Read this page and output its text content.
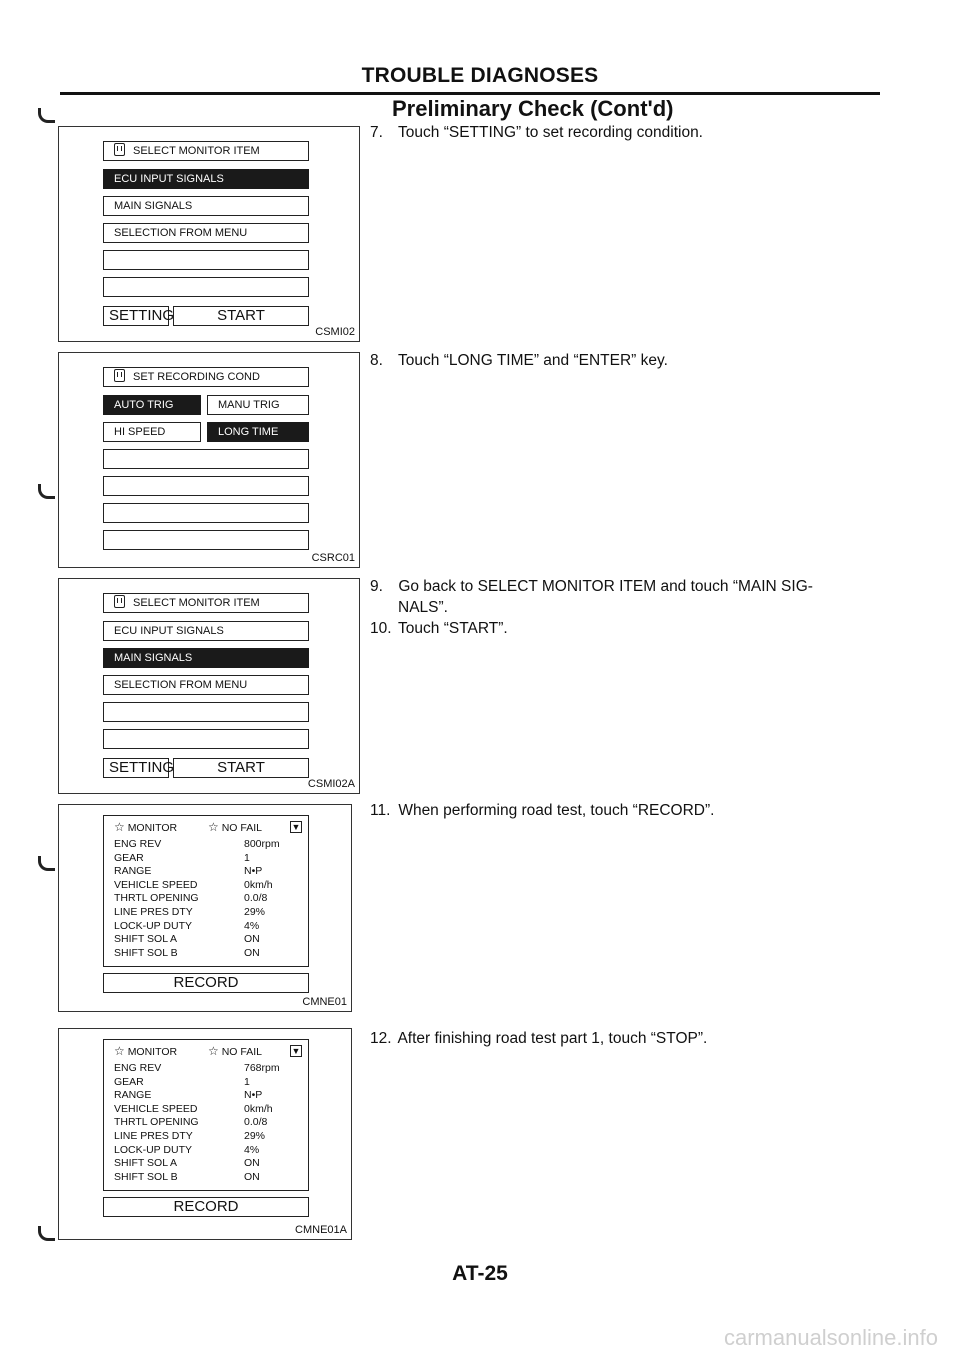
TROUBLE DIAGNOSES
Preliminary Check (Cont'd)
SELECT MONITOR ITEM
ECU INPUT SIGNALS
MAIN SIGNALS
SELECTION FROM MENU
SETTING	START
CSMI02
SET RECORDING COND
AUTO TRIG	MANU TRIG
HI SPEED	LONG TIME
CSRC01
SELECT MONITOR ITEM
ECU INPUT SIGNALS
MAIN SIGNALS
SELECTION FROM MENU
SETTING	START
CSMI02A
☆ MONITOR	☆ NO FAIL	▼
ENG REV	800rpm
GEAR	1
RANGE	N•P
VEHICLE SPEED	0km/h
THRTL OPENING	0.0/8
LINE PRES DTY	29%
LOCK-UP DUTY	4%
SHIFT SOL A	ON
SHIFT SOL B	ON
RECORD
CMNE01
☆ MONITOR	☆ NO FAIL	▼
ENG REV	768rpm
GEAR	1
RANGE	N•P
VEHICLE SPEED	0km/h
THRTL OPENING	0.0/8
LINE PRES DTY	29%
LOCK-UP DUTY	4%
SHIFT SOL A	ON
SHIFT SOL B	ON
RECORD
CMNE01A
7. Touch “SETTING” to set recording condition.
8. Touch “LONG TIME” and “ENTER” key.
9. Go back to SELECT MONITOR ITEM and touch “MAIN SIG-
NALS”.
10. Touch “START”.
11. When performing road test, touch “RECORD”.
12. After finishing road test part 1, touch “STOP”.
AT-25
carmanualsonline.info
